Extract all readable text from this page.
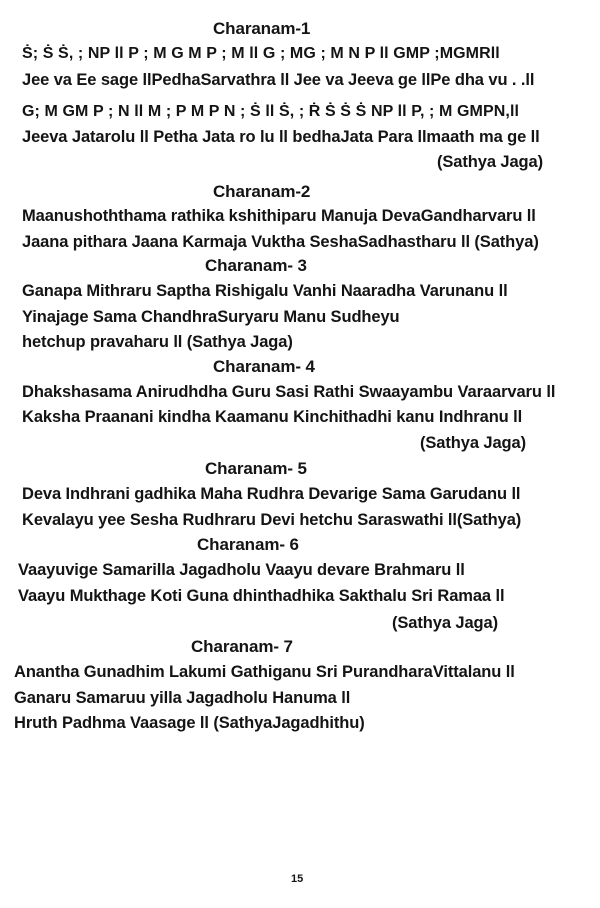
Charanam-1
Ṡ; Ṡ Ṡ, ; NP ll P ; M G M P ; M ll G ; MG ; M N P ll GMP ;MGMRll
Jee va Ee sage llPedhaSarvathra ll Jee va Jeeva ge llPe dha vu . .ll
G; M GM P ; N ll M ; P M P N ; Ṡ ll Ṡ, ; Ṙ Ṡ Ṡ Ṡ NP ll P, ; M GMPN,ll
Jeeva Jatarolu ll Petha Jata ro lu ll bedhaJata Para llmaath ma ge ll
(Sathya Jaga)
Charanam-2
Maanushoththama rathika kshithiparu Manuja DevaGandharvaru ll
Jaana pithara Jaana Karmaja Vuktha SeshaSadhastharu ll (Sathya)
Charanam- 3
Ganapa Mithraru Saptha Rishigalu Vanhi Naaradha Varunanu ll
Yinajage Sama ChandhraSuryaru Manu Sudheyu
hetchup pravaharu ll (Sathya Jaga)
Charanam- 4
Dhakshasama Anirudhdha Guru Sasi Rathi Swaayambu Varaarvaru ll
Kaksha Praanani kindha Kaamanu Kinchithadhi kanu Indhranu ll
(Sathya Jaga)
Charanam- 5
Deva Indhrani gadhika Maha Rudhra Devarige Sama Garudanu ll
Kevalayu yee Sesha Rudhraru Devi hetchu Saraswathi ll(Sathya)
Charanam- 6
Vaayuvige Samarilla Jagadholu Vaayu devare Brahmaru ll
Vaayu Mukthage Koti Guna dhinthadhika Sakthalu Sri Ramaa ll
(Sathya Jaga)
Charanam- 7
Anantha Gunadhim Lakumi Gathiganu Sri PurandharaVittalanu ll
Ganaru Samaruu yilla Jagadholu Hanuma ll
Hruth Padhma Vaasage ll (SathyaJagadhithu)
15
